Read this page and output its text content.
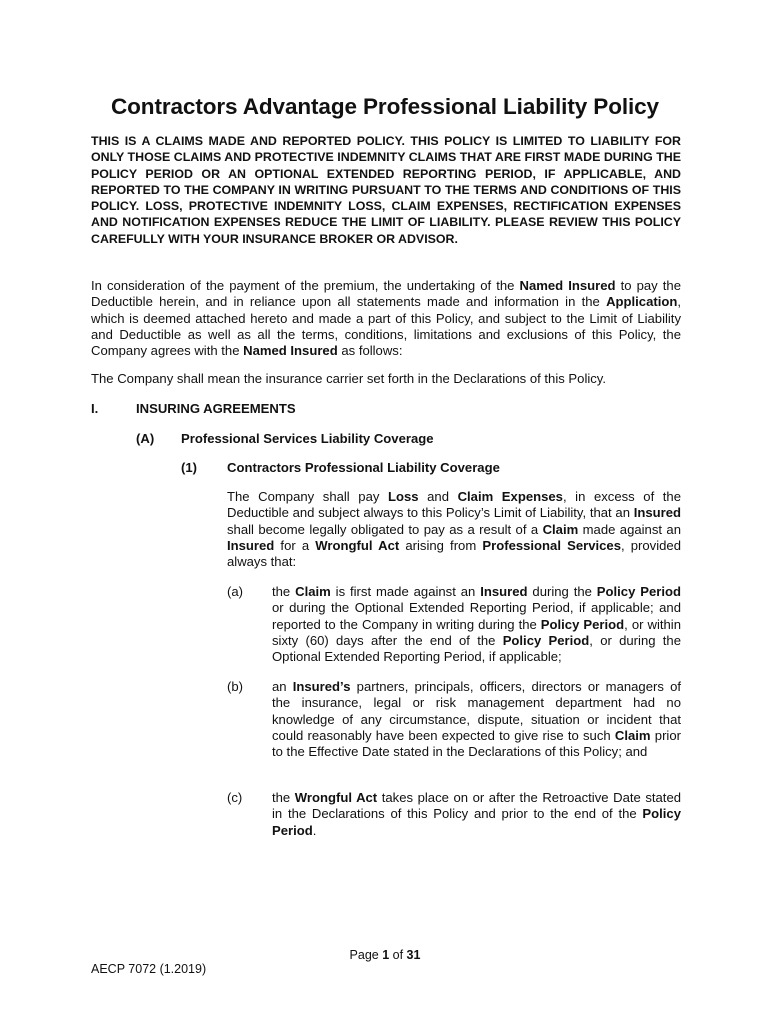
Contractors Advantage Professional Liability Policy
THIS IS A CLAIMS MADE AND REPORTED POLICY. THIS POLICY IS LIMITED TO LIABILITY FOR ONLY THOSE CLAIMS AND PROTECTIVE INDEMNITY CLAIMS THAT ARE FIRST MADE DURING THE POLICY PERIOD OR AN OPTIONAL EXTENDED REPORTING PERIOD, IF APPLICABLE, AND REPORTED TO THE COMPANY IN WRITING PURSUANT TO THE TERMS AND CONDITIONS OF THIS POLICY. LOSS, PROTECTIVE INDEMNITY LOSS, CLAIM EXPENSES, RECTIFICATION EXPENSES AND NOTIFICATION EXPENSES REDUCE THE LIMIT OF LIABILITY. PLEASE REVIEW THIS POLICY CAREFULLY WITH YOUR INSURANCE BROKER OR ADVISOR.
In consideration of the payment of the premium, the undertaking of the Named Insured to pay the Deductible herein, and in reliance upon all statements made and information in the Application, which is deemed attached hereto and made a part of this Policy, and subject to the Limit of Liability and Deductible as well as all the terms, conditions, limitations and exclusions of this Policy, the Company agrees with the Named Insured as follows:
The Company shall mean the insurance carrier set forth in the Declarations of this Policy.
I.	INSURING AGREEMENTS
(A) Professional Services Liability Coverage
(1) Contractors Professional Liability Coverage
The Company shall pay Loss and Claim Expenses, in excess of the Deductible and subject always to this Policy’s Limit of Liability, that an Insured shall become legally obligated to pay as a result of a Claim made against an Insured for a Wrongful Act arising from Professional Services, provided always that:
(a) the Claim is first made against an Insured during the Policy Period or during the Optional Extended Reporting Period, if applicable; and reported to the Company in writing during the Policy Period, or within sixty (60) days after the end of the Policy Period, or during the Optional Extended Reporting Period, if applicable;
(b) an Insured’s partners, principals, officers, directors or managers of the insurance, legal or risk management department had no knowledge of any circumstance, dispute, situation or incident that could reasonably have been expected to give rise to such Claim prior to the Effective Date stated in the Declarations of this Policy; and
(c) the Wrongful Act takes place on or after the Retroactive Date stated in the Declarations of this Policy and prior to the end of the Policy Period.
Page 1 of 31
AECP 7072 (1.2019)
